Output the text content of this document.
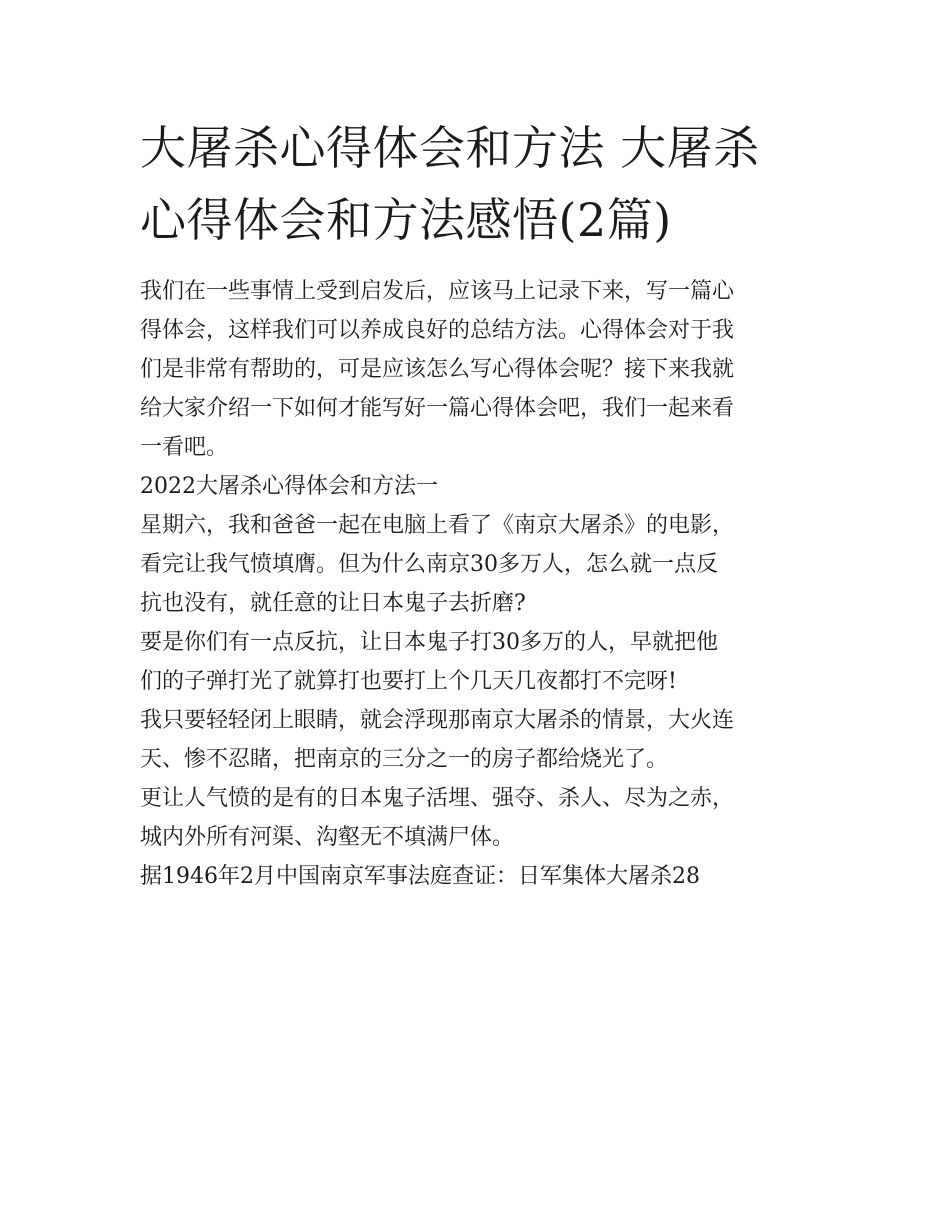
大屠杀心得体会和方法 大屠杀
心得体会和方法感悟(2篇)
我们在一些事情上受到启发后，应该马上记录下来，写一篇心
得体会，这样我们可以养成良好的总结方法。心得体会对于我
们是非常有帮助的，可是应该怎么写心得体会呢？接下来我就
给大家介绍一下如何才能写好一篇心得体会吧，我们一起来看
一看吧。
2022大屠杀心得体会和方法一
星期六，我和爸爸一起在电脑上看了《南京大屠杀》的电影，
看完让我气愤填膺。但为什么南京30多万人，怎么就一点反
抗也没有，就任意的让日本鬼子去折磨?
要是你们有一点反抗，让日本鬼子打30多万的人，早就把他
们的子弹打光了就算打也要打上个几天几夜都打不完呀!
我只要轻轻闭上眼睛，就会浮现那南京大屠杀的情景，大火连
天、惨不忍睹，把南京的三分之一的房子都给烧光了。
更让人气愤的是有的日本鬼子活埋、强夺、杀人、尽为之赤，
城内外所有河渠、沟壑无不填满尸体。
据1946年2月中国南京军事法庭查证：日军集体大屠杀28
